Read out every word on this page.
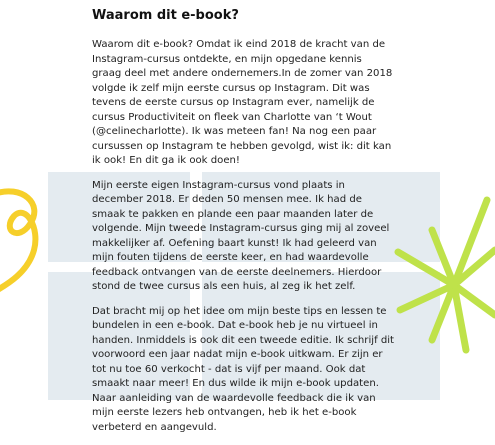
Waarom dit e-book?

Waarom dit e-book? Omdat ik eind 2018 de kracht van de
Instagram-cursus ontdekte, en mijn opgedane kennis
graag deel met andere ondernemers.In de zomer van 2018
volgde ik zelf mijn eerste cursus op Instagram. Dit was
tevens de eerste cursus op Instagram ever, namelijk de
cursus Productiviteit on fleek van Charlotte van ‘t Wout
(@celinecharlotte). Ik was meteen fan! Na nog een paar
cursussen op Instagram te hebben gevolgd, wist ik: dit kan
ik ook! En dit ga ik ook doen!

Mijn eerste eigen Instagram-cursus vond plaats in
december 2018. Er deden 50 mensen mee. Ik had de
smaak te pakken en plande een paar maanden later de
volgende. Mijn tweede Instagram-cursus ging mij al zoveel
makkelijker af. Oefening baart kunst! Ik had geleerd van
mijn fouten tijdens de eerste keer, en had waardevolle
feedback ontvangen van de eerste deelnemers. Hierdoor
stond de twee cursus als een huis, al zeg ik het zelf.

Dat bracht mij op het idee om mijn beste tips en lessen te
bundelen in een e-book. Dat e-book heb je nu virtueel in
handen. Inmiddels is ook dit een tweede editie. Ik schrijf dit
voorwoord een jaar nadat mijn e-book uitkwam. Er zijn er
tot nu toe 60 verkocht - dat is vijf per maand. Ook dat
smaakt naar meer! En dus wilde ik mijn e-book updaten.
Naar aanleiding van de waardevolle feedback die ik van
mijn eerste lezers heb ontvangen, heb ik het e-book
verbeterd en aangevuld.
